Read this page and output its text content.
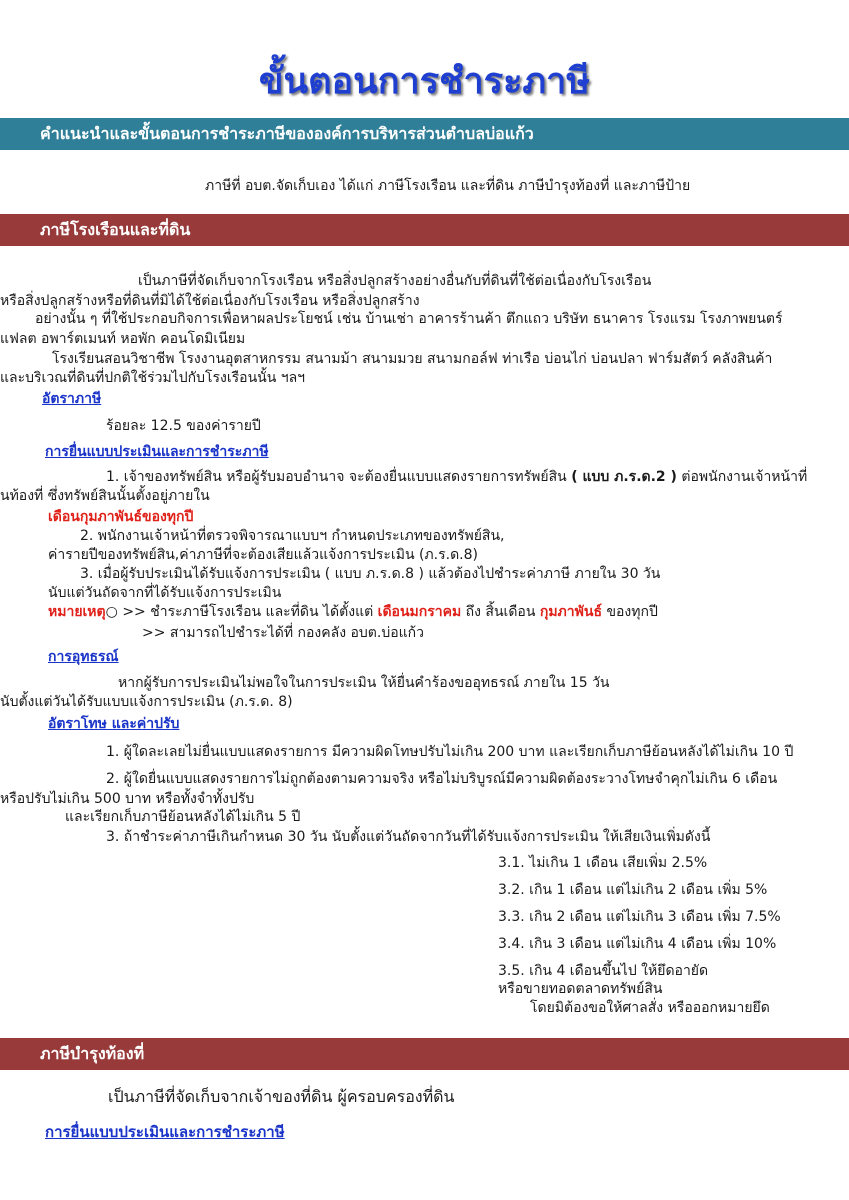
ขั้นตอนการชำระภาษี
คำแนะนำและขั้นตอนการชำระภาษีขององค์การบริหารส่วนตำบลบ่อแก้ว
ภาษีที่ อบต.จัดเก็บเอง ได้แก่ ภาษีโรงเรือน และที่ดิน ภาษีบำรุงท้องที่ และภาษีป้าย
ภาษีโรงเรือนและที่ดิน
เป็นภาษีที่จัดเก็บจากโรงเรือน หรือสิ่งปลูกสร้างอย่างอื่นกับที่ดินที่ใช้ต่อเนื่องกับโรงเรือน
หรือสิ่งปลูกสร้างหรือที่ดินที่มิได้ใช้ต่อเนื่องกับโรงเรือน หรือสิ่งปลูกสร้าง
อย่างนั้น ๆ ที่ใช้ประกอบกิจการเพื่อหาผลประโยชน์ เช่น บ้านเช่า อาคารร้านค้า ตึกแถว บริษัท ธนาคาร โรงแรม โรงภาพยนตร์
แฟลต อพาร์ตเมนท์ หอพัก คอนโดมิเนียม
โรงเรียนสอนวิชาชีพ โรงงานอุตสาหกรรม สนามม้า สนามมวย สนามกอล์ฟ ท่าเรือ บ่อนไก่ บ่อนปลา ฟาร์มสัตว์ คลังสินค้า
และบริเวณที่ดินที่ปกติใช้ร่วมไปกับโรงเรือนนั้น ฯลฯ
อัตราภาษี
ร้อยละ 12.5 ของค่ารายปี
การยื่นแบบประเมินและการชำระภาษี
1. เจ้าของทรัพย์สิน หรือผู้รับมอบอำนาจ จะต้องยื่นแบบแสดงรายการทรัพย์สิน ( แบบ ภ.ร.ด.2 ) ต่อพนักงานเจ้าหน้าที่
นท้องที่ ซึ่งทรัพย์สินนั้นตั้งอยู่ภายใน
เดือนกุมภาพันธ์ของทุกปี
2. พนักงานเจ้าหน้าที่ตรวจพิจารณาแบบฯ กำหนดประเภทของทรัพย์สิน,
ค่ารายปีของทรัพย์สิน,ค่าภาษีที่จะต้องเสียแล้วแจ้งการประเมิน (ภ.ร.ด.8)
3. เมื่อผู้รับประเมินได้รับแจ้งการประเมิน ( แบบ ภ.ร.ด.8 ) แล้วต้องไปชำระค่าภาษี ภายใน 30 วัน
นับแต่วันถัดจากที่ได้รับแจ้งการประเมิน
หมายเหตุ○ >> ชำระภาษีโรงเรือน และที่ดิน ได้ตั้งแต่ เดือนมกราคม ถึง สิ้นเดือน กุมภาพันธ์ ของทุกปี
>> สามารถไปชำระได้ที่ กองคลัง อบต.บ่อแก้ว
การอุทธรณ์
หากผู้รับการประเมินไม่พอใจในการประเมิน ให้ยื่นคำร้องขออุทธรณ์ ภายใน 15 วัน
นับตั้งแต่วันได้รับแบบแจ้งการประเมิน (ภ.ร.ด. 8)
อัตราโทษ และค่าปรับ
1. ผู้ใดละเลยไม่ยื่นแบบแสดงรายการ มีความผิดโทษปรับไม่เกิน 200 บาท และเรียกเก็บภาษีย้อนหลังได้ไม่เกิน 10 ปี
2. ผู้ใดยื่นแบบแสดงรายการไม่ถูกต้องตามความจริง หรือไม่บริบูรณ์มีความผิดต้องระวางโทษจำคุกไม่เกิน 6 เดือน
หรือปรับไม่เกิน 500 บาท หรือทั้งจำทั้งปรับ
และเรียกเก็บภาษีย้อนหลังได้ไม่เกิน 5 ปี
3. ถ้าชำระค่าภาษีเกินกำหนด 30 วัน นับตั้งแต่วันถัดจากวันที่ได้รับแจ้งการประเมิน ให้เสียเงินเพิ่มดังนี้
3.1. ไม่เกิน 1 เดือน เสียเพิ่ม 2.5%
3.2. เกิน 1 เดือน แต่ไม่เกิน 2 เดือน เพิ่ม 5%
3.3. เกิน 2 เดือน แต่ไม่เกิน 3 เดือน เพิ่ม 7.5%
3.4. เกิน 3 เดือน แต่ไม่เกิน 4 เดือน เพิ่ม 10%
3.5. เกิน 4 เดือนขึ้นไป ให้ยึดอายัด
หรือขายทอดตลาดทรัพย์สิน
โดยมิต้องขอให้ศาลสั่ง หรือออกหมายยึด
ภาษีบำรุงท้องที่
เป็นภาษีที่จัดเก็บจากเจ้าของที่ดิน ผู้ครอบครองที่ดิน
การยื่นแบบประเมินและการชำระภาษี
